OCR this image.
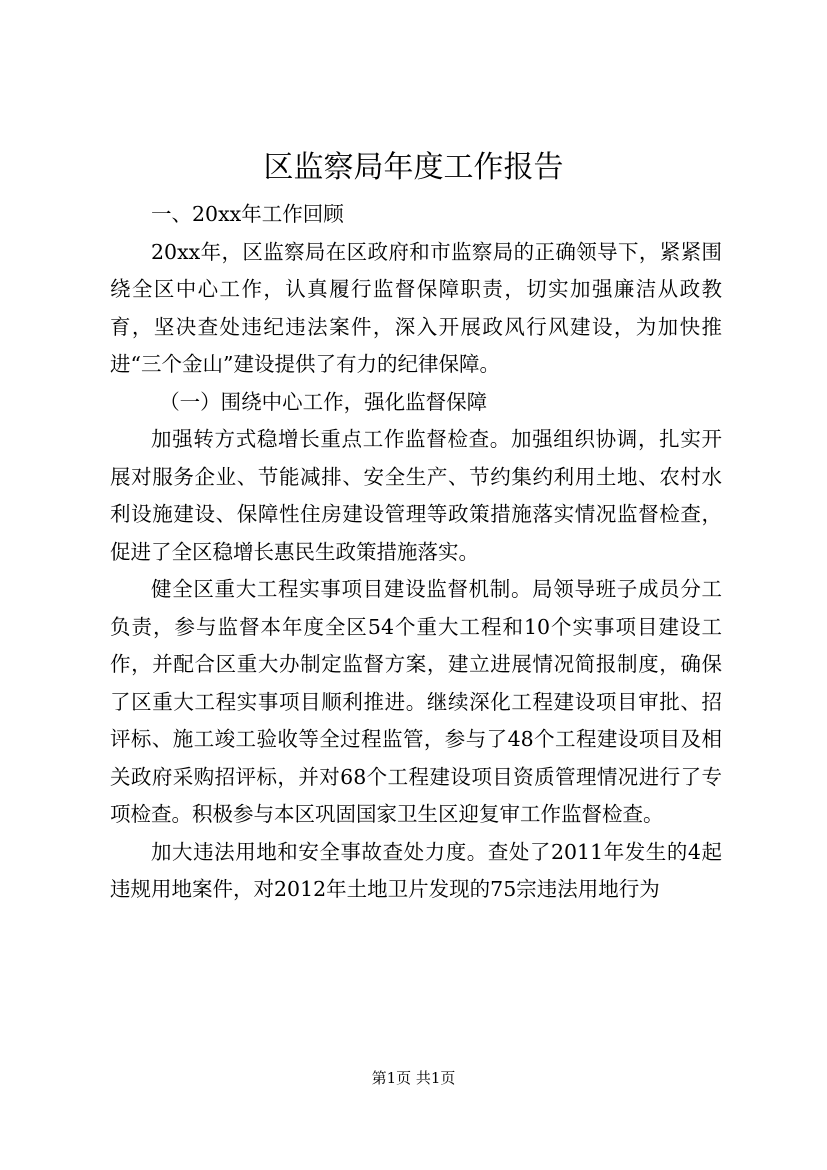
区监察局年度工作报告

一、20xx年工作回顾

20xx年，区监察局在区政府和市监察局的正确领导下，紧紧围绕全区中心工作，认真履行监督保障职责，切实加强廉洁从政教育，坚决查处违纪违法案件，深入开展政风行风建设，为加快推进“三个金山”建设提供了有力的纪律保障。

（一）围绕中心工作，强化监督保障

加强转方式稳增长重点工作监督检查。加强组织协调，扎实开展对服务企业、节能减排、安全生产、节约集约利用土地、农村水利设施建设、保障性住房建设管理等政策措施落实情况监督检查，促进了全区稳增长惠民生政策措施落实。

健全区重大工程实事项目建设监督机制。局领导班子成员分工负责，参与监督本年度全区54个重大工程和10个实事项目建设工作，并配合区重大办制定监督方案，建立进展情况简报制度，确保了区重大工程实事项目顺利推进。继续深化工程建设项目审批、招评标、施工竣工验收等全过程监管，参与了48个工程建设项目及相关政府采购招评标，并对68个工程建设项目资质管理情况进行了专项检查。积极参与本区巩固国家卫生区迎复审工作监督检查。

加大违法用地和安全事故查处力度。查处了2011年发生的4起违规用地案件，对2012年土地卫片发现的75宗违法用地行为

第1页 共1页
